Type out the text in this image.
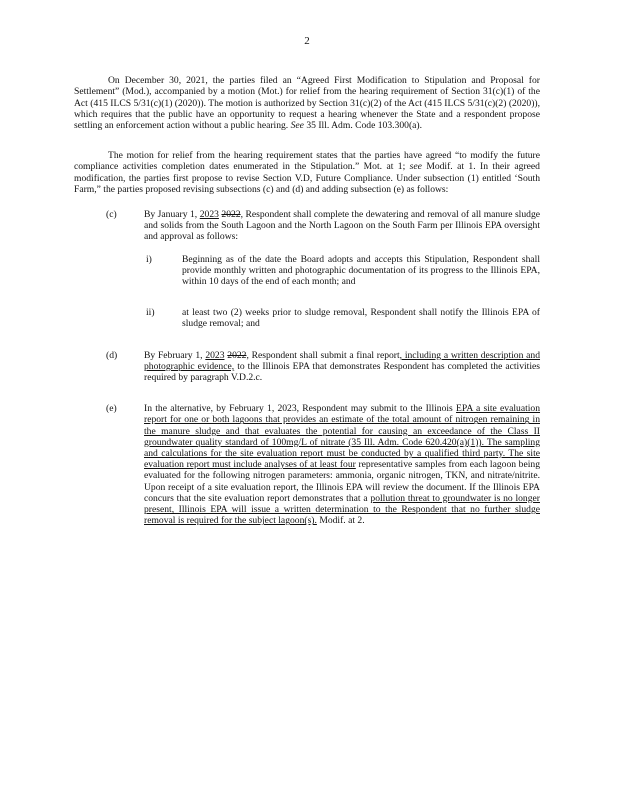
2

On December 30, 2021, the parties filed an “Agreed First Modification to Stipulation and Proposal for Settlement” (Mod.), accompanied by a motion (Mot.) for relief from the hearing requirement of Section 31(c)(1) of the Act (415 ILCS 5/31(c)(1) (2020)). The motion is authorized by Section 31(c)(2) of the Act (415 ILCS 5/31(c)(2) (2020)), which requires that the public have an opportunity to request a hearing whenever the State and a respondent propose settling an enforcement action without a public hearing. See 35 Ill. Adm. Code 103.300(a).

The motion for relief from the hearing requirement states that the parties have agreed “to modify the future compliance activities completion dates enumerated in the Stipulation.” Mot. at 1; see Modif. at 1. In their agreed modification, the parties first propose to revise Section V.D, Future Compliance. Under subsection (1) entitled ‘South Farm,” the parties proposed revising subsections (c) and (d) and adding subsection (e) as follows:

(c)	By January 1, 2023 2022, Respondent shall complete the dewatering and removal of all manure sludge and solids from the South Lagoon and the North Lagoon on the South Farm per Illinois EPA oversight and approval as follows:
i)	Beginning as of the date the Board adopts and accepts this Stipulation, Respondent shall provide monthly written and photographic documentation of its progress to the Illinois EPA, within 10 days of the end of each month; and
ii)	at least two (2) weeks prior to sludge removal, Respondent shall notify the Illinois EPA of sludge removal; and
(d)	By February 1, 2023 2022, Respondent shall submit a final report, including a written description and photographic evidence, to the Illinois EPA that demonstrates Respondent has completed the activities required by paragraph V.D.2.c.
(e)	In the alternative, by February 1, 2023, Respondent may submit to the Illinois EPA a site evaluation report for one or both lagoons that provides an estimate of the total amount of nitrogen remaining in the manure sludge and that evaluates the potential for causing an exceedance of the Class II groundwater quality standard of 100mg/L of nitrate (35 Ill. Adm. Code 620.420(a)(1)). The sampling and calculations for the site evaluation report must be conducted by a qualified third party. The site evaluation report must include analyses of at least four representative samples from each lagoon being evaluated for the following nitrogen parameters: ammonia, organic nitrogen, TKN, and nitrate/nitrite. Upon receipt of a site evaluation report, the Illinois EPA will review the document. If the Illinois EPA concurs that the site evaluation report demonstrates that a pollution threat to groundwater is no longer present, Illinois EPA will issue a written determination to the Respondent that no further sludge removal is required for the subject lagoon(s). Modif. at 2.
